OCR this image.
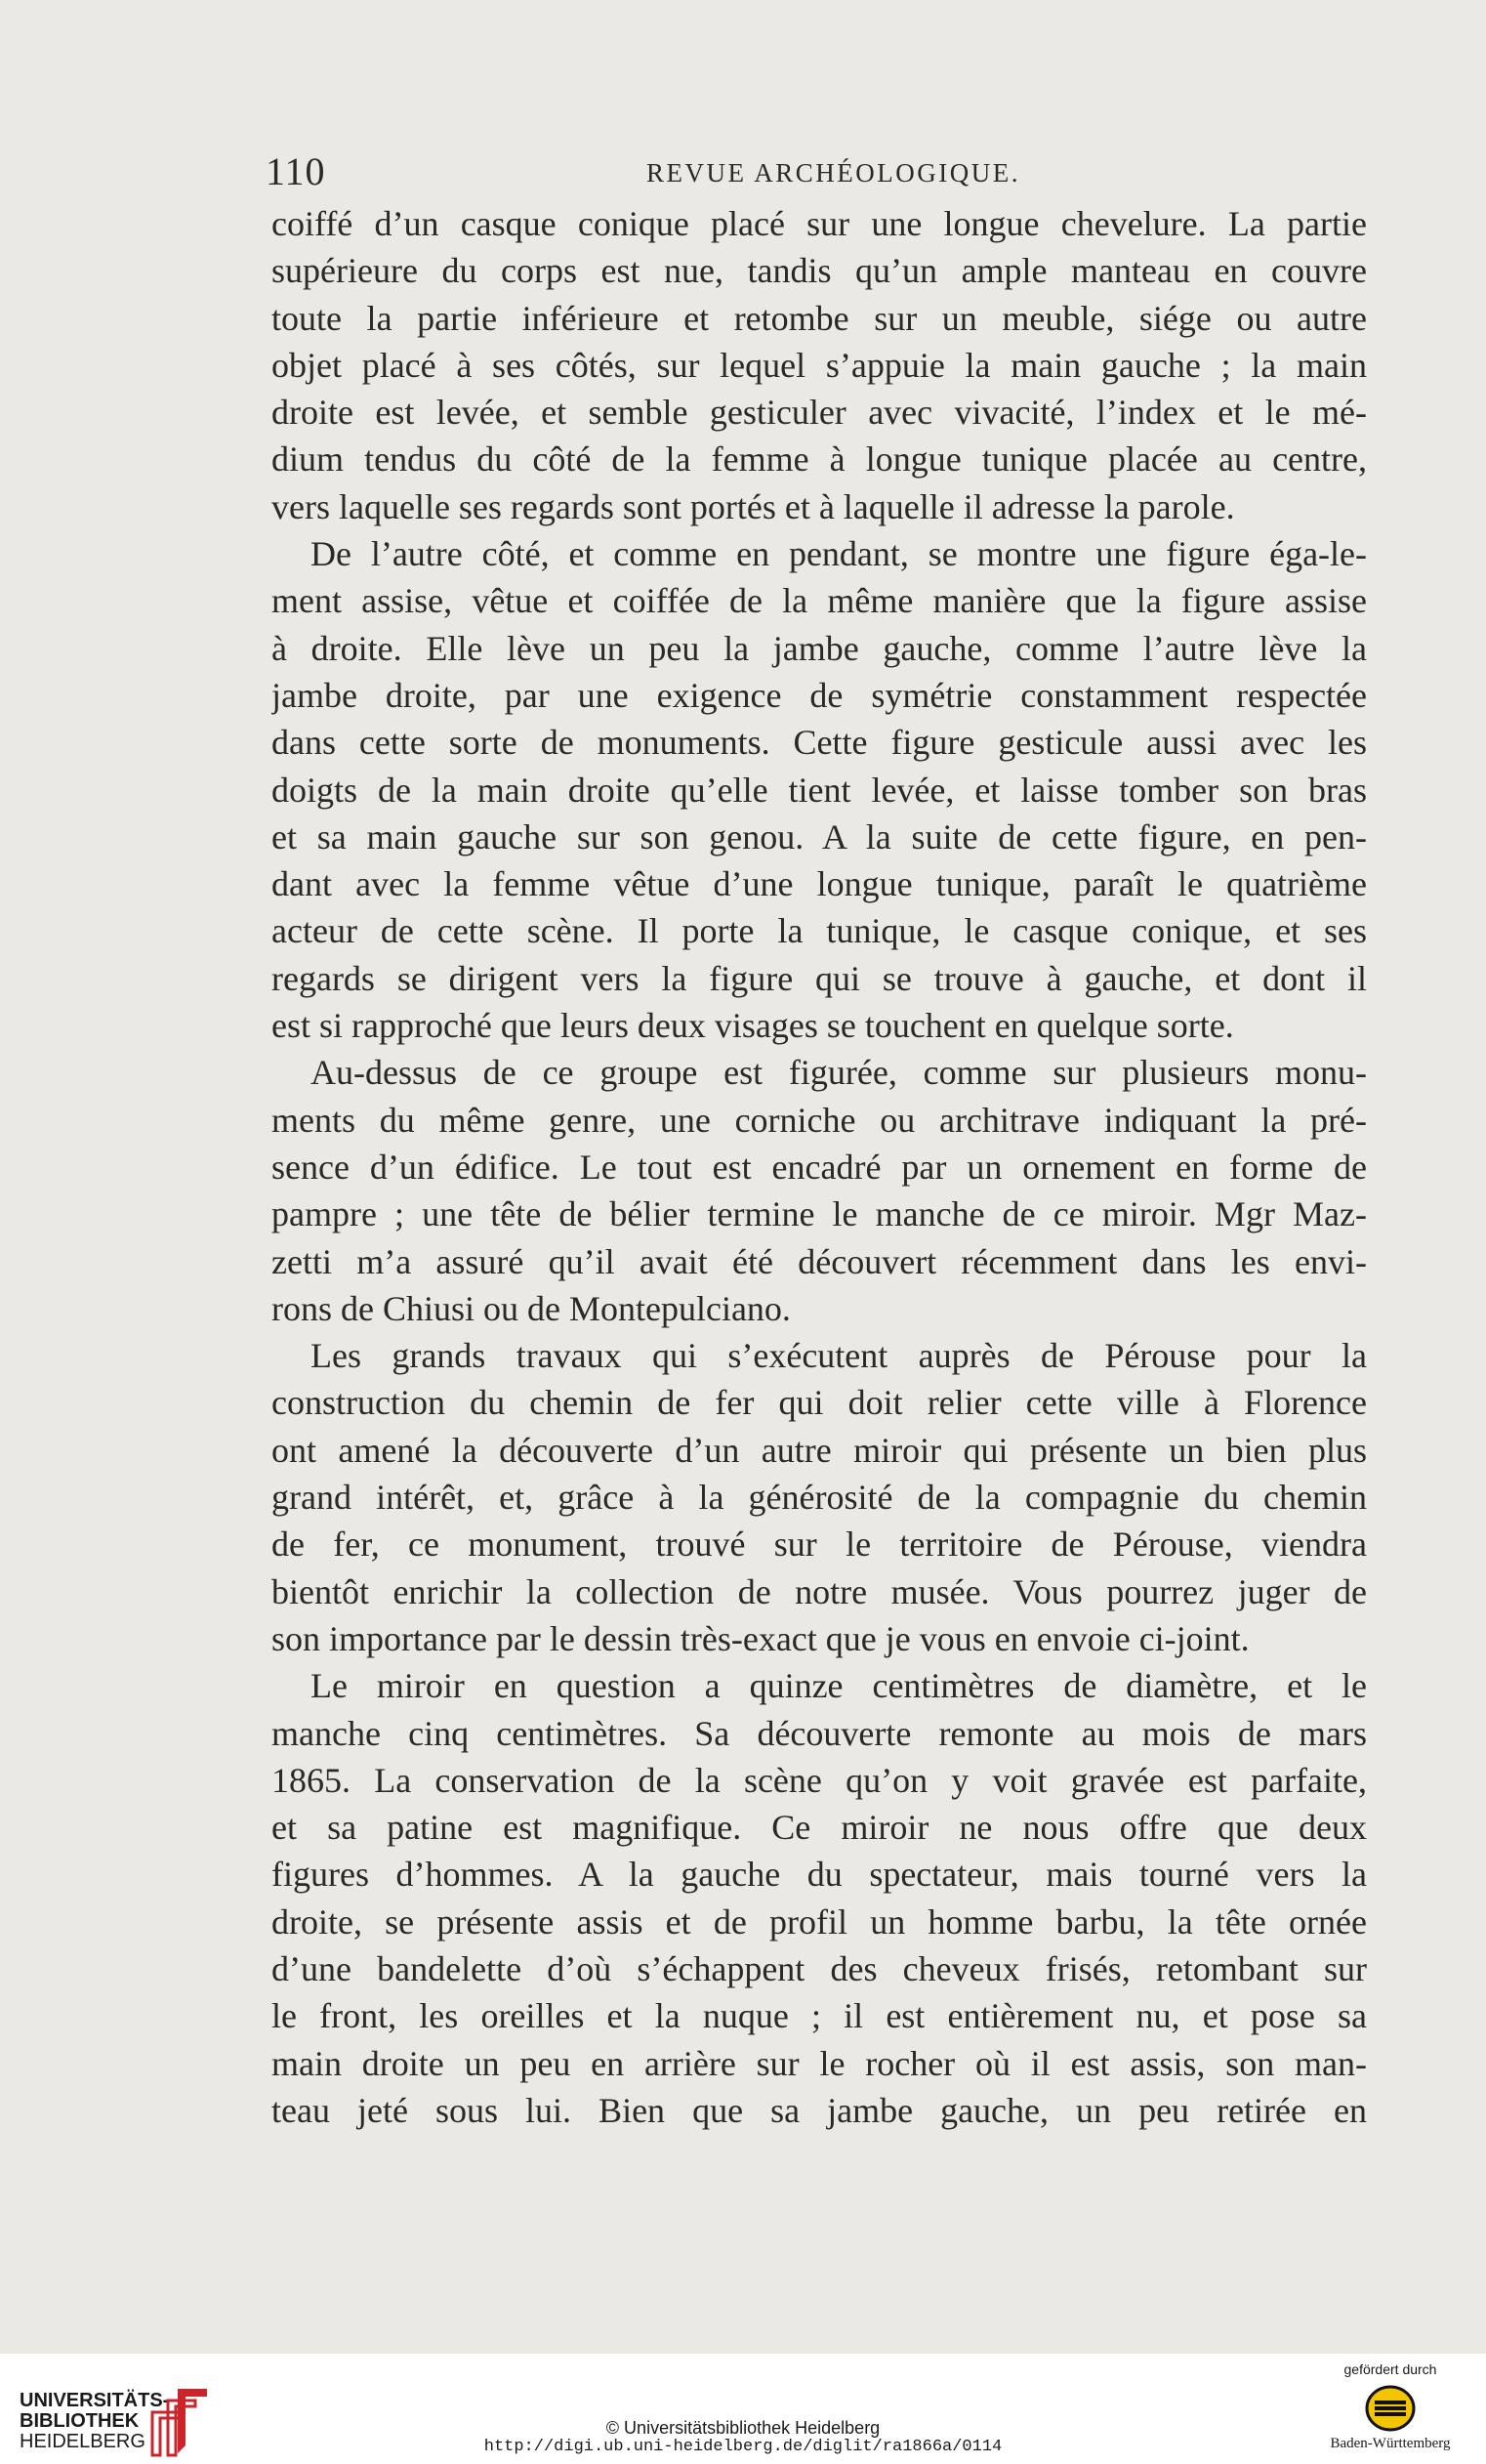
110	REVUE ARCHÉOLOGIQUE.
coiffé d’un casque conique placé sur une longue chevelure. La partie
supérieure du corps est nue, tandis qu’un ample manteau en couvre
toute la partie inférieure et retombe sur un meuble, siége ou autre
objet placé à ses côtés, sur lequel s’appuie la main gauche ; la main
droite est levée, et semble gesticuler avec vivacité, l’index et le mé-
dium tendus du côté de la femme à longue tunique placée au centre,
vers laquelle ses regards sont portés et à laquelle il adresse la parole.
De l’autre côté, et comme en pendant, se montre une figure éga-le-
ment assise, vêtue et coiffée de la même manière que la figure assise
à droite. Elle lève un peu la jambe gauche, comme l’autre lève la
jambe droite, par une exigence de symétrie constamment respectée
dans cette sorte de monuments. Cette figure gesticule aussi avec les
doigts de la main droite qu’elle tient levée, et laisse tomber son bras
et sa main gauche sur son genou. A la suite de cette figure, en pen-
dant avec la femme vêtue d’une longue tunique, paraît le quatrième
acteur de cette scène. Il porte la tunique, le casque conique, et ses
regards se dirigent vers la figure qui se trouve à gauche, et dont il
est si rapproché que leurs deux visages se touchent en quelque sorte.
Au-dessus de ce groupe est figurée, comme sur plusieurs monu-
ments du même genre, une corniche ou architrave indiquant la pré-
sence d’un édifice. Le tout est encadré par un ornement en forme de
pampre ; une tête de bélier termine le manche de ce miroir. Mgr Maz-
zetti m’a assuré qu’il avait été découvert récemment dans les envi-
rons de Chiusi ou de Montepulciano.
Les grands travaux qui s’exécutent auprès de Pérouse pour la
construction du chemin de fer qui doit relier cette ville à Florence
ont amené la découverte d’un autre miroir qui présente un bien plus
grand intérêt, et, grâce à la générosité de la compagnie du chemin
de fer, ce monument, trouvé sur le territoire de Pérouse, viendra
bientôt enrichir la collection de notre musée. Vous pourrez juger de
son importance par le dessin très-exact que je vous en envoie ci-joint.
Le miroir en question a quinze centimètres de diamètre, et le
manche cinq centimètres. Sa découverte remonte au mois de mars
1865. La conservation de la scène qu’on y voit gravée est parfaite,
et sa patine est magnifique. Ce miroir ne nous offre que deux
figures d’hommes. A la gauche du spectateur, mais tourné vers la
droite, se présente assis et de profil un homme barbu, la tête ornée
d’une bandelette d’où s’échappent des cheveux frisés, retombant sur
le front, les oreilles et la nuque ; il est entièrement nu, et pose sa
main droite un peu en arrière sur le rocher où il est assis, son man-
teau jeté sous lui. Bien que sa jambe gauche, un peu retirée en
UNIVERSITÄTS-
BIBLIOTHEK

HEIDELBERG
© Universitätsbibliothek Heidelberg
http://digi.ub.uni-heidelberg.de/diglit/ra1866a/0114
gefördert durch
Baden-Württemberg
